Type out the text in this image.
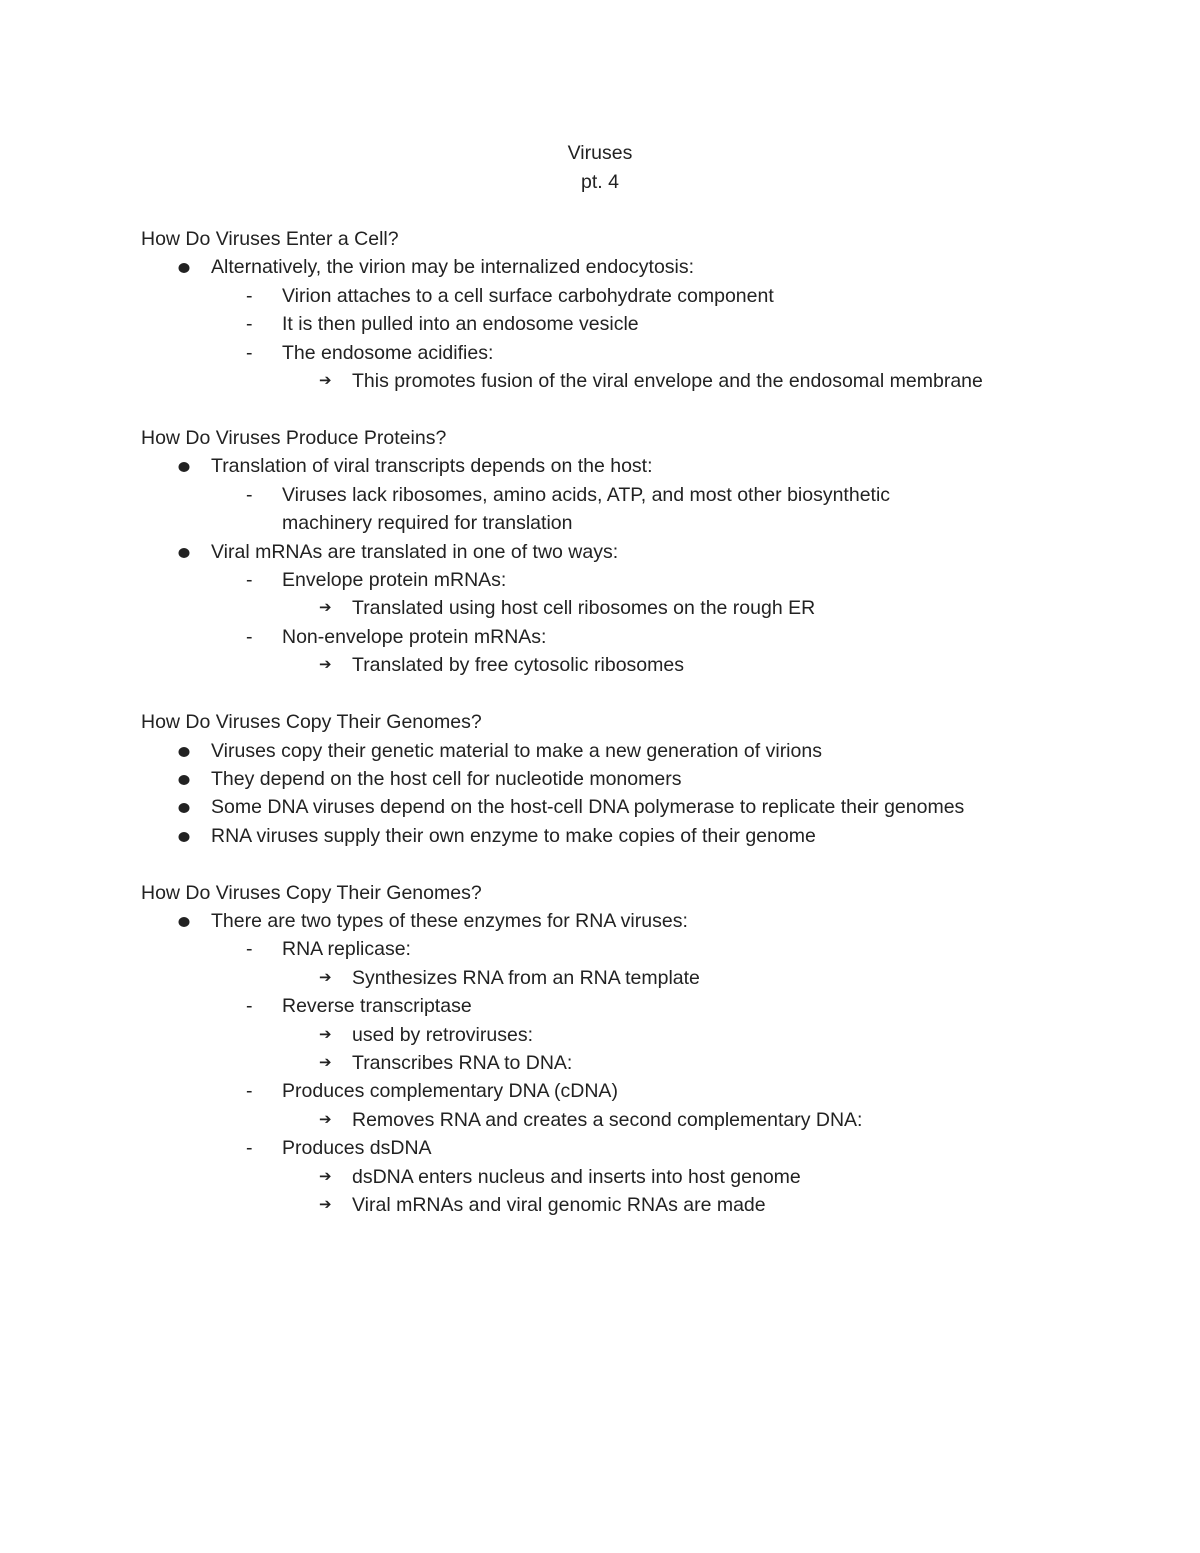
Viruses
pt. 4
How Do Viruses Enter a Cell?
Alternatively, the virion may be internalized endocytosis:
- Virion attaches to a cell surface carbohydrate component
- It is then pulled into an endosome vesicle
- The endosome acidifies:
➔ This promotes fusion of the viral envelope and the endosomal membrane
How Do Viruses Produce Proteins?
Translation of viral transcripts depends on the host:
- Viruses lack ribosomes, amino acids, ATP, and most other biosynthetic machinery required for translation
Viral mRNAs are translated in one of two ways:
- Envelope protein mRNAs:
➔ Translated using host cell ribosomes on the rough ER
- Non-envelope protein mRNAs:
➔ Translated by free cytosolic ribosomes
How Do Viruses Copy Their Genomes?
Viruses copy their genetic material to make a new generation of virions
They depend on the host cell for nucleotide monomers
Some DNA viruses depend on the host-cell DNA polymerase to replicate their genomes
RNA viruses supply their own enzyme to make copies of their genome
How Do Viruses Copy Their Genomes?
There are two types of these enzymes for RNA viruses:
- RNA replicase:
➔ Synthesizes RNA from an RNA template
- Reverse transcriptase
➔ used by retroviruses:
➔ Transcribes RNA to DNA:
- Produces complementary DNA (cDNA)
➔ Removes RNA and creates a second complementary DNA:
- Produces dsDNA
➔ dsDNA enters nucleus and inserts into host genome
➔ Viral mRNAs and viral genomic RNAs are made
